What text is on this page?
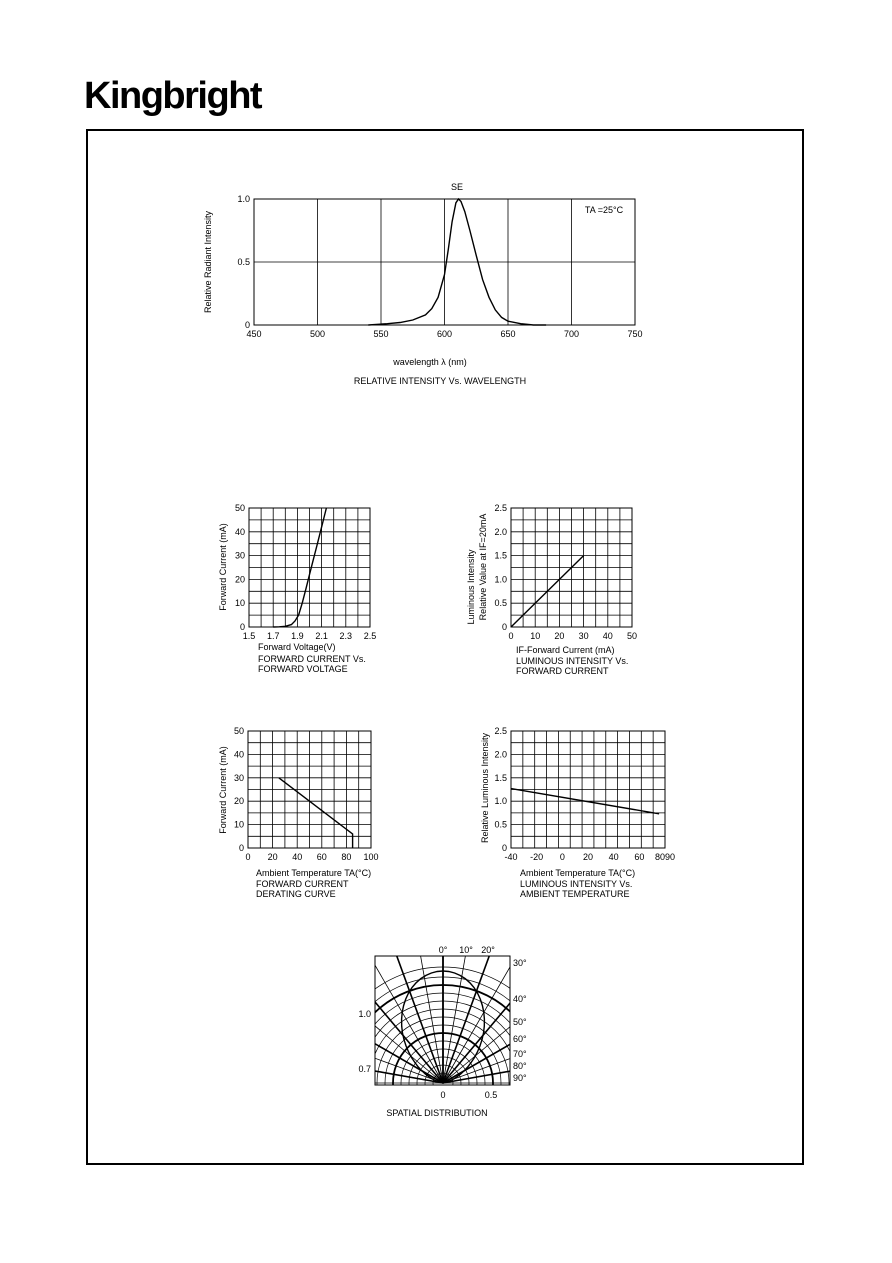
Kingbright
SE
TA =25°C
wavelength λ (nm)
Relative Radiant Intensity
RELATIVE INTENSITY Vs. WAVELENGTH
450	500	550	600	650	700	750
0
0.5
1.0
Forward Voltage(V)
FORWARD CURRENT Vs.
FORWARD VOLTAGE
Forward Current (mA)
1.5 1.7 1.9 2.1 2.3 2.5
0
10
20
30
40
50
IF-Forward Current (mA)
LUMINOUS INTENSITY Vs.
FORWARD CURRENT
Luminous Intensity Relative Value at IF=20mA
0 10 20 30 40 50
0
0.5
1.0
1.5
2.0
2.5
Ambient Temperature TA(°C)
FORWARD CURRENT
DERATING CURVE
Forward Current (mA)
0 20 40 60 80 100
0
10
20
30
40
50
Ambient Temperature TA(°C)
LUMINOUS INTENSITY Vs.
AMBIENT TEMPERATURE
Relative Luminous Intensity
-40 -20 0 20 40 60 8090
0
0.5
1.0
1.5
2.0
2.5
SPATIAL DISTRIBUTION
0° 10° 20°
30°
40°
50°
60°
70°
80°
90°
1.0
0.7
0	0.5
